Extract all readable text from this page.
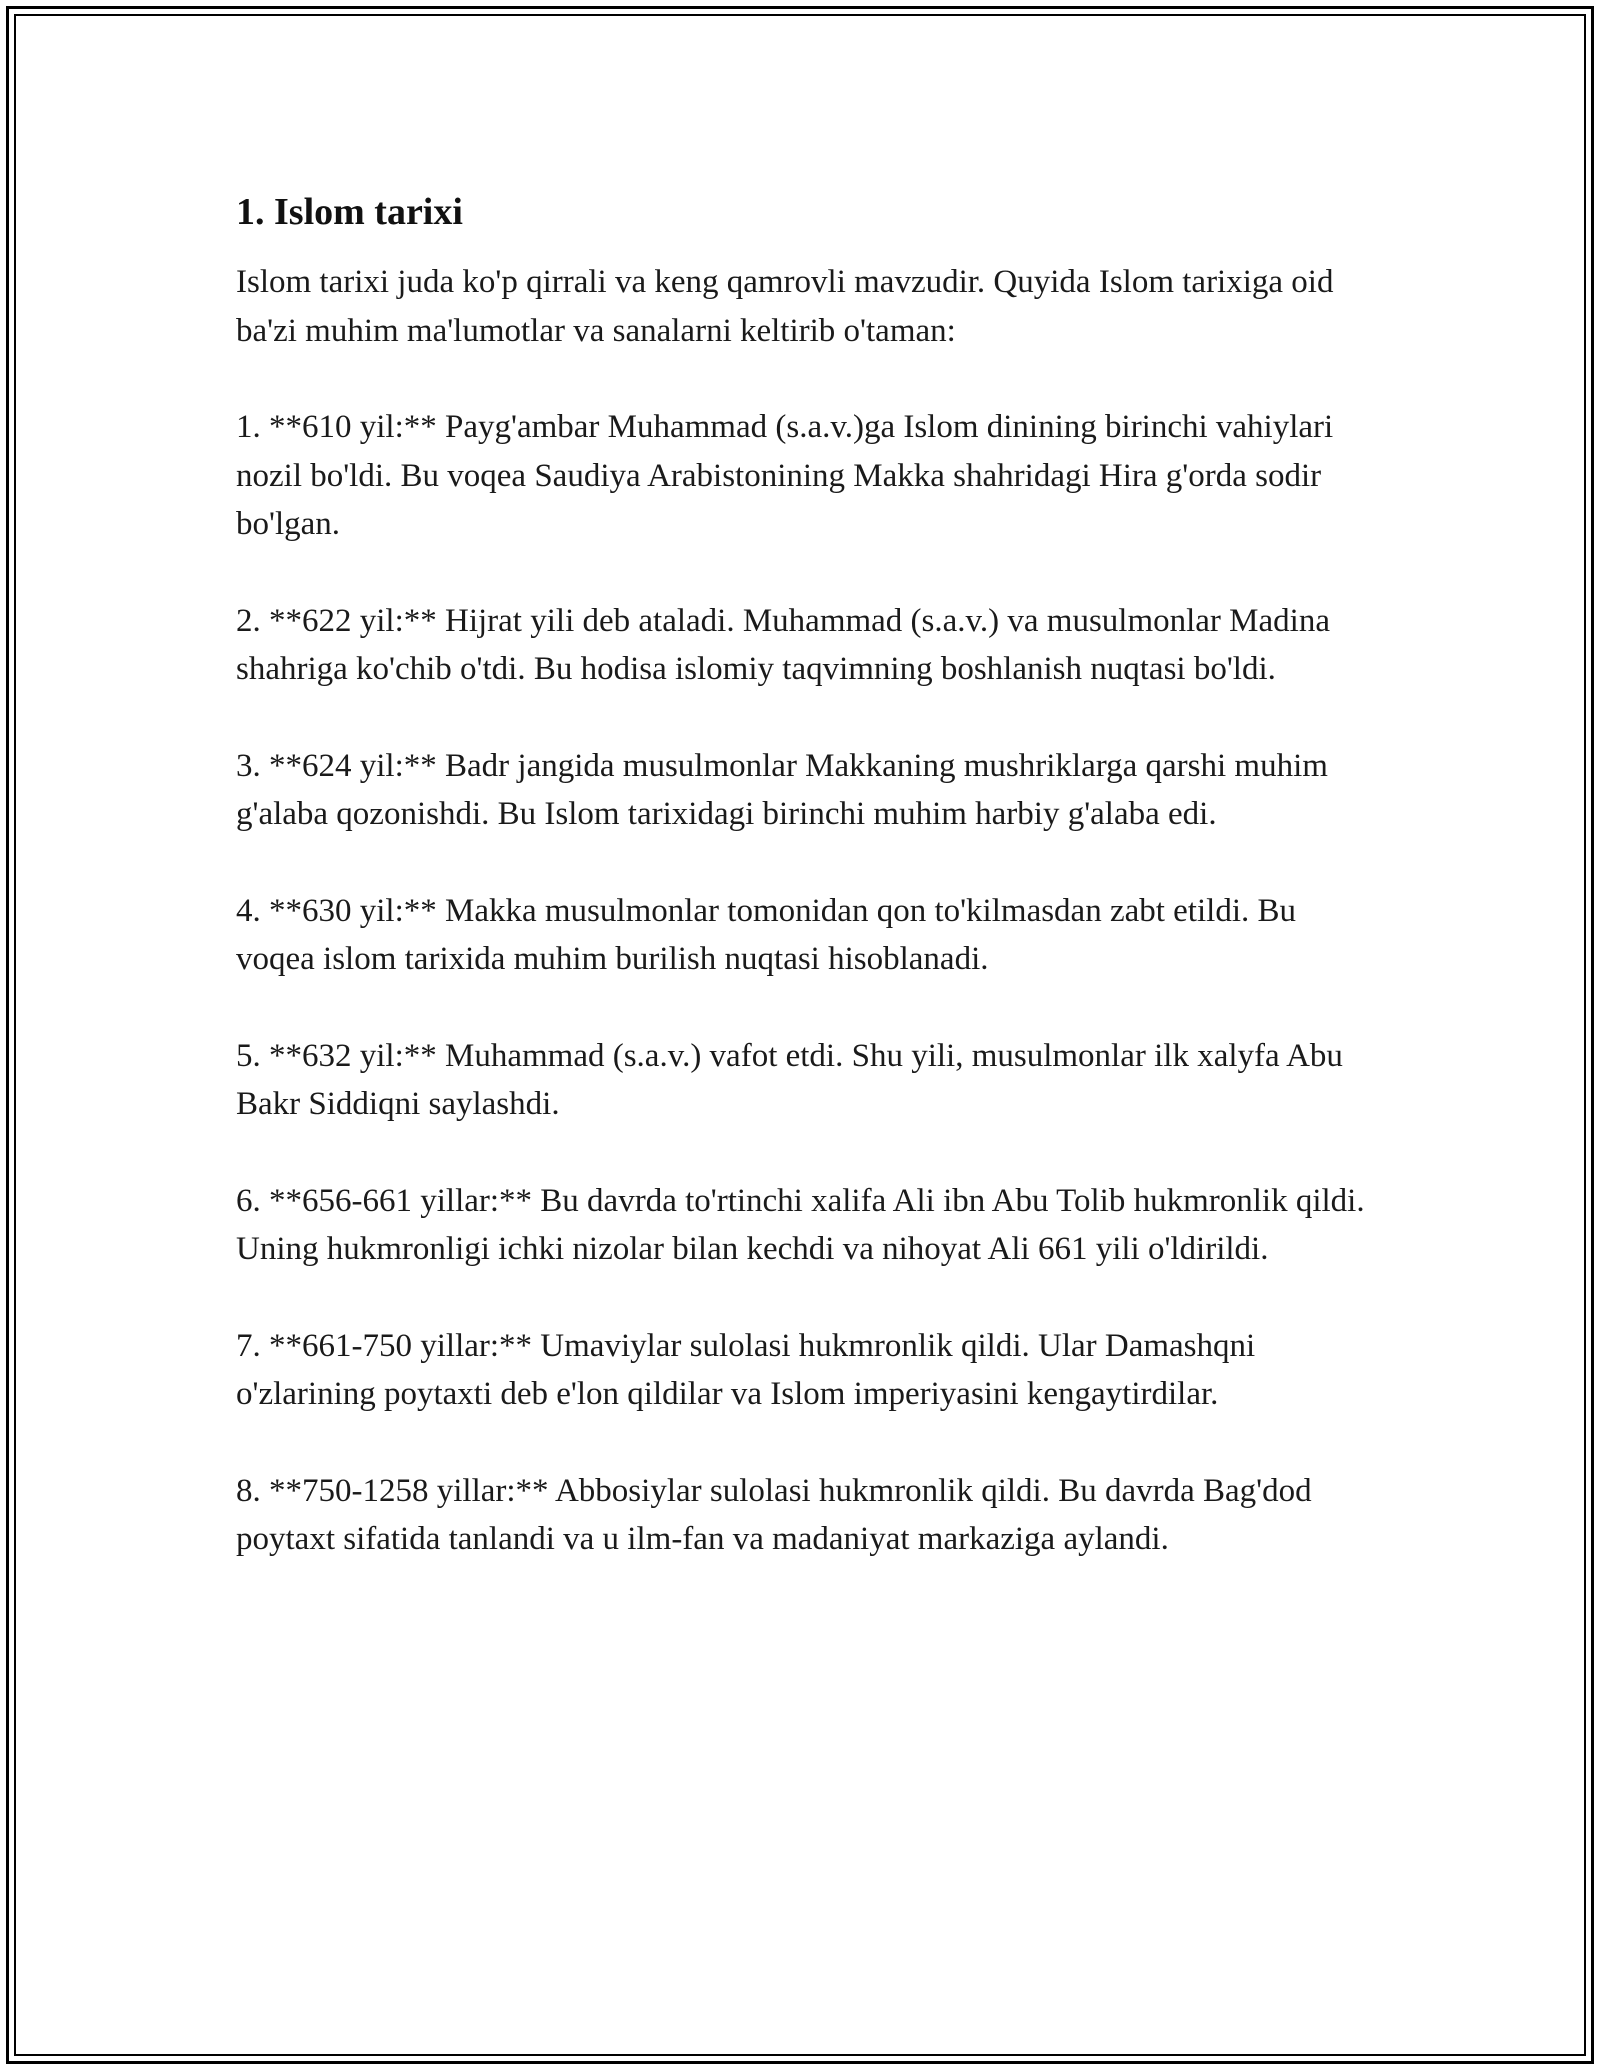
1. Islom tarixi

Islom tarixi juda ko'p qirrali va keng qamrovli mavzudir. Quyida Islom tarixiga oid ba'zi muhim ma'lumotlar va sanalarni keltirib o'taman:

1. **610 yil:** Payg'ambar Muhammad (s.a.v.)ga Islom dinining birinchi vahiylari nozil bo'ldi. Bu voqea Saudiya Arabistonining Makka shahridagi Hira g'orda sodir bo'lgan.

2. **622 yil:** Hijrat yili deb ataladi. Muhammad (s.a.v.) va musulmonlar Madina shahriga ko'chib o'tdi. Bu hodisa islomiy taqvimning boshlanish nuqtasi bo'ldi.

3. **624 yil:** Badr jangida musulmonlar Makkaning mushriklarga qarshi muhim g'alaba qozonishdi. Bu Islom tarixidagi birinchi muhim harbiy g'alaba edi.

4. **630 yil:** Makka musulmonlar tomonidan qon to'kilmasdan zabt etildi. Bu voqea islom tarixida muhim burilish nuqtasi hisoblanadi.

5. **632 yil:** Muhammad (s.a.v.) vafot etdi. Shu yili, musulmonlar ilk xalyfa Abu Bakr Siddiqni saylashdi.

6. **656-661 yillar:** Bu davrda to'rtinchi xalifa Ali ibn Abu Tolib hukmronlik qildi. Uning hukmronligi ichki nizolar bilan kechdi va nihoyat Ali 661 yili o'ldirildi.

7. **661-750 yillar:** Umaviylar sulolasi hukmronlik qildi. Ular Damashqni o'zlarining poytaxti deb e'lon qildilar va Islom imperiyasini kengaytirdilar.

8. **750-1258 yillar:** Abbosiylar sulolasi hukmronlik qildi. Bu davrda Bag'dod poytaxt sifatida tanlandi va u ilm-fan va madaniyat markaziga aylandi.
